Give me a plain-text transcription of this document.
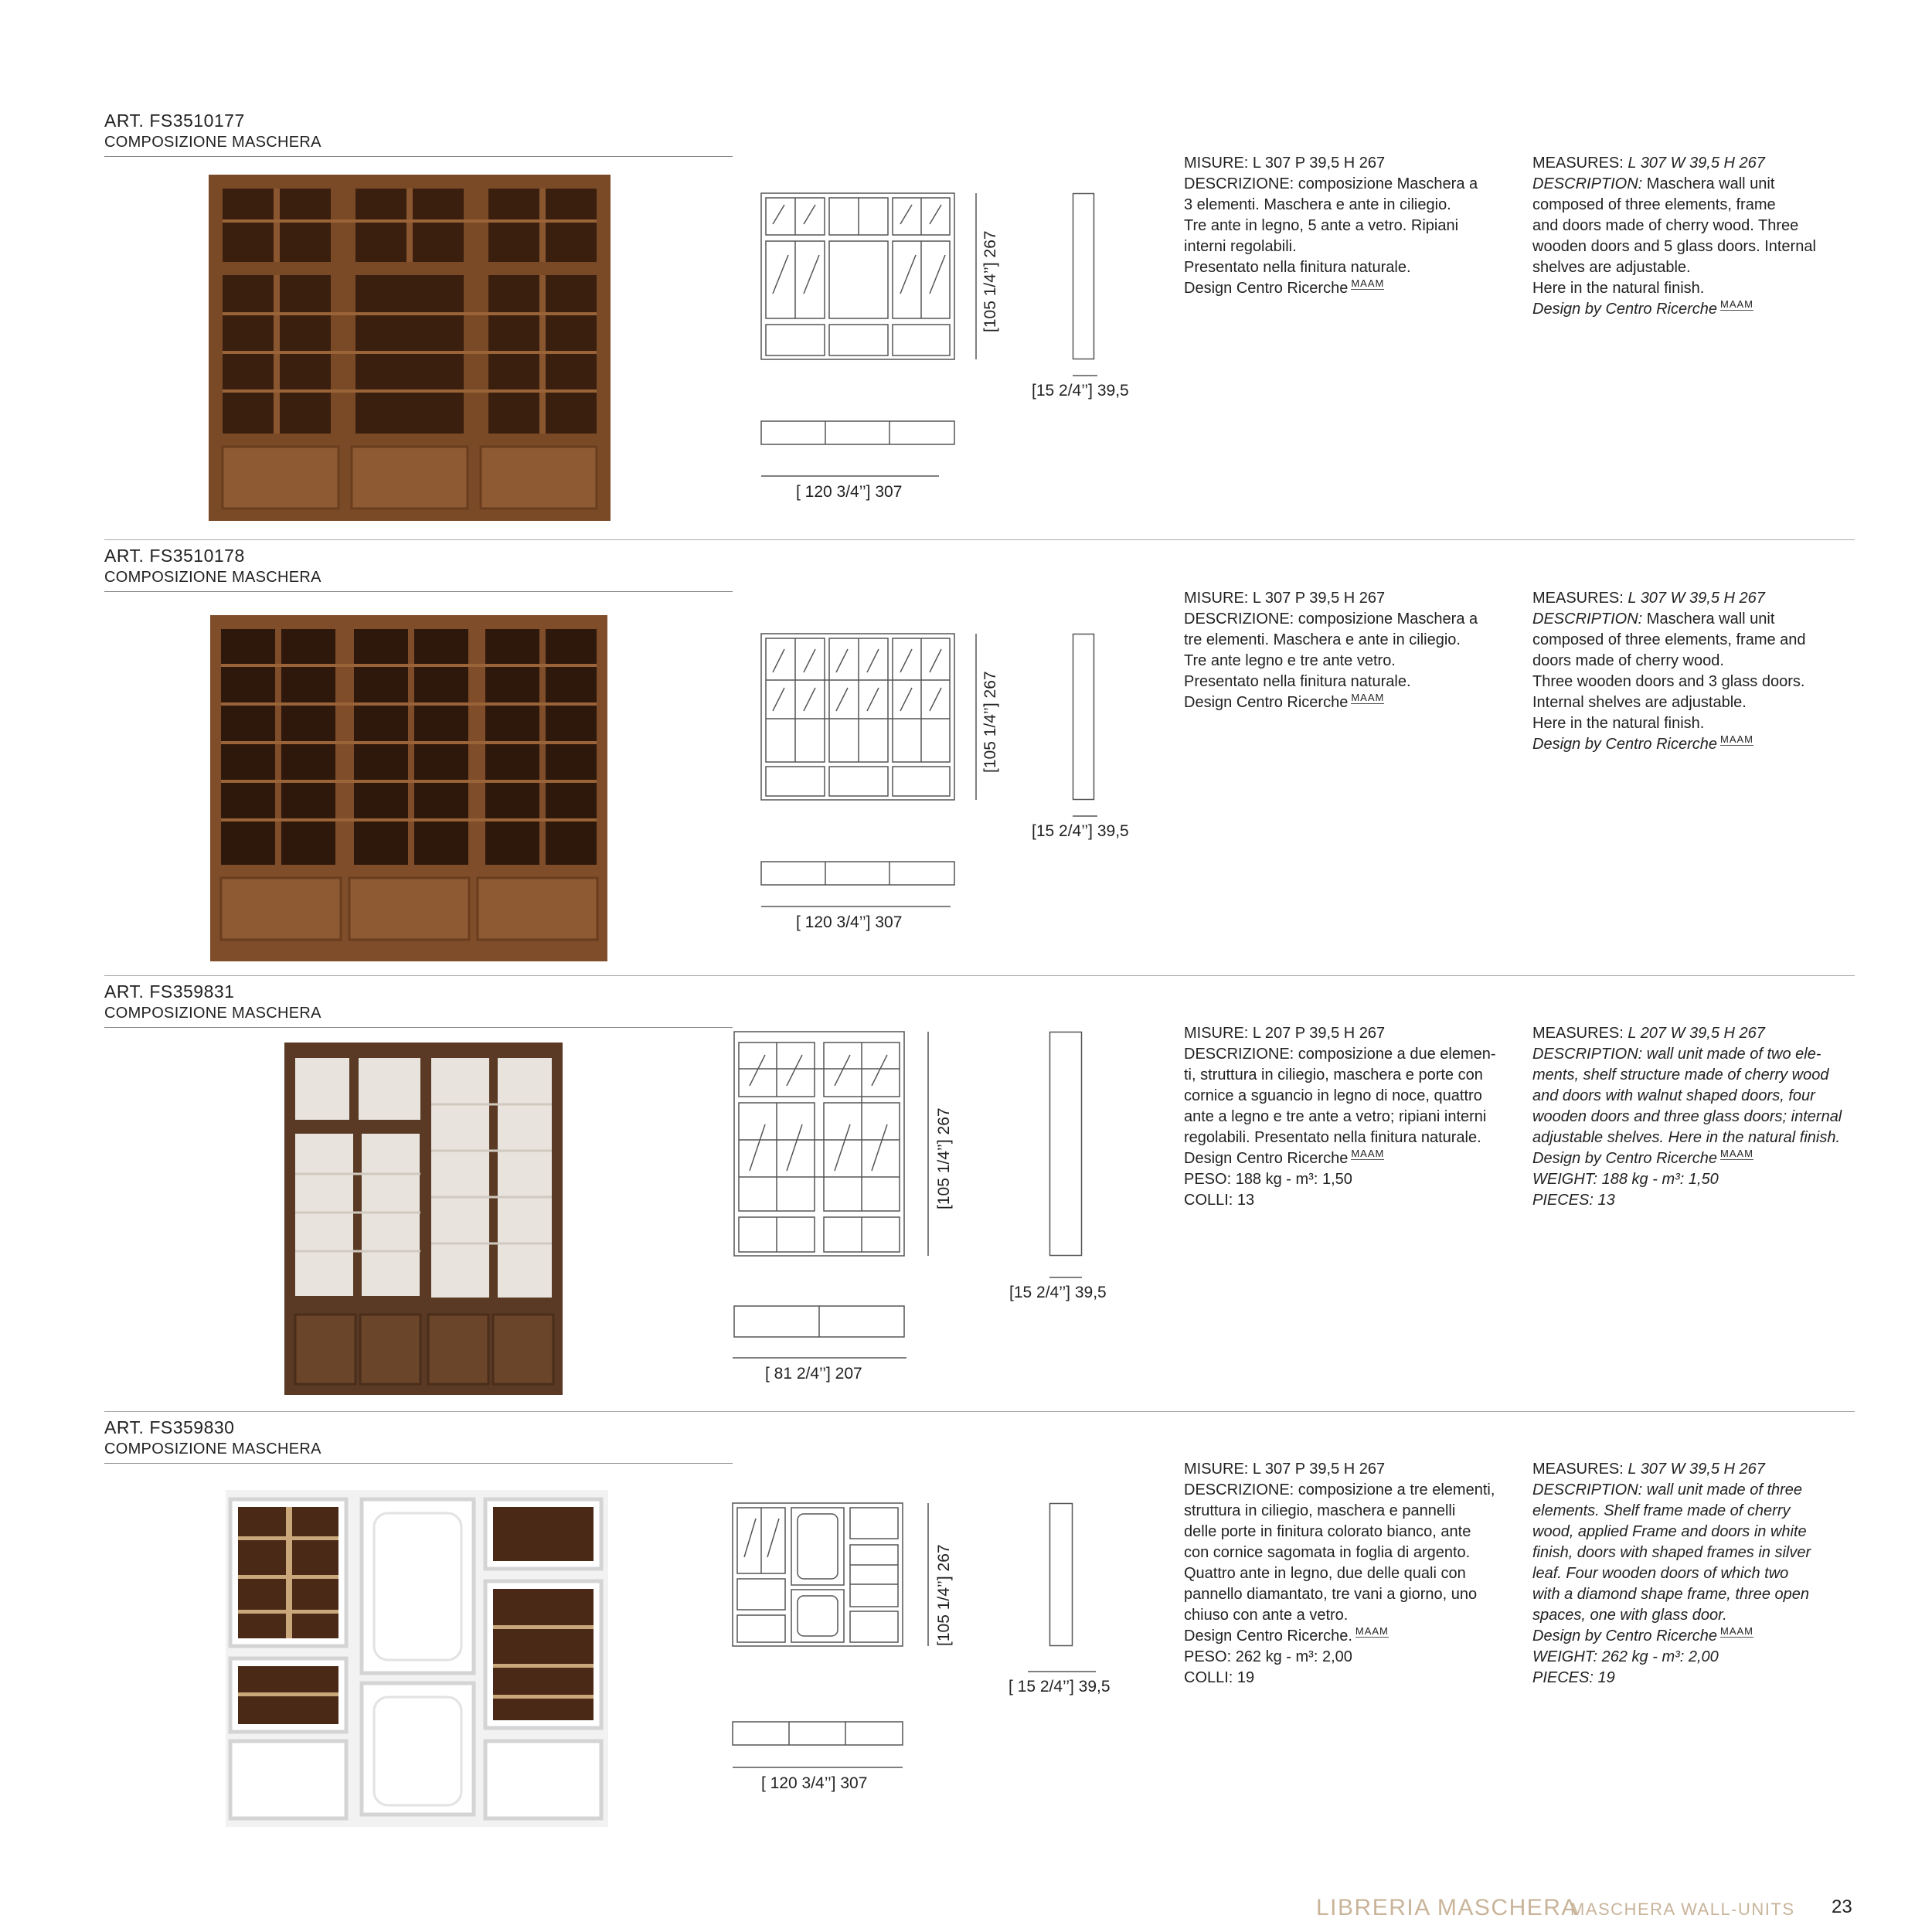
ART. FS3510177
COMPOSIZIONE MASCHERA
[105 1/4’’] 267
[15 2/4’’] 39,5
[ 120 3/4’’] 307
MISURE: L 307 P 39,5 H 267
DESCRIZIONE: composizione Maschera a
3 elementi. Maschera e ante in ciliegio.
Tre ante in legno, 5 ante a vetro. Ripiani
interni regolabili.
Presentato nella finitura naturale.
Design Centro Ricerche MAAM
MEASURES: L 307 W 39,5 H 267
DESCRIPTION: Maschera wall unit
composed of three elements, frame
and doors made of cherry wood. Three
wooden doors and 5 glass doors. Internal
shelves are adjustable.
Here in the natural finish.
Design by Centro Ricerche MAAM
ART. FS3510178
COMPOSIZIONE MASCHERA
[105 1/4’’] 267
[15 2/4’’] 39,5
[ 120 3/4’’] 307
MISURE: L 307 P 39,5 H 267
DESCRIZIONE: composizione Maschera a
tre elementi. Maschera e ante in ciliegio.
Tre ante legno e tre ante vetro.
Presentato nella finitura naturale.
Design Centro Ricerche MAAM
MEASURES: L 307 W 39,5 H 267
DESCRIPTION: Maschera wall unit
composed of three elements, frame and
doors made of cherry wood.
Three wooden doors and 3 glass doors.
Internal shelves are adjustable.
Here in the natural finish.
Design by Centro Ricerche MAAM
ART. FS359831
COMPOSIZIONE MASCHERA
[105 1/4’’] 267
[15 2/4’’] 39,5
[ 81 2/4’’] 207
MISURE: L 207 P 39,5 H 267
DESCRIZIONE: composizione a due elemen-
ti, struttura in ciliegio, maschera e porte con
cornice a sguancio in legno di noce, quattro
ante a legno e tre ante a vetro; ripiani interni
regolabili. Presentato nella finitura naturale.
Design Centro Ricerche MAAM
PESO: 188 kg - m³: 1,50
COLLI: 13
MEASURES: L 207 W 39,5 H 267
DESCRIPTION: wall unit made of two ele-
ments, shelf structure made of cherry wood
and doors with walnut shaped doors, four
wooden doors and three glass doors; internal
adjustable shelves. Here in the natural finish.
Design by Centro Ricerche MAAM
WEIGHT: 188 kg - m³: 1,50
PIECES: 13
ART. FS359830
COMPOSIZIONE MASCHERA
[105 1/4’’] 267
[ 15 2/4’’] 39,5
[ 120 3/4’’] 307
MISURE: L 307 P 39,5 H 267
DESCRIZIONE: composizione a tre elementi,
struttura in ciliegio, maschera e pannelli
delle porte in finitura colorato bianco, ante
con cornice sagomata in foglia di argento.
Quattro ante in legno, due delle quali con
pannello diamantato, tre vani a giorno, uno
chiuso con ante a vetro.
Design Centro Ricerche. MAAM
PESO: 262 kg - m³: 2,00
COLLI: 19
MEASURES: L 307 W 39,5 H 267
DESCRIPTION: wall unit made of three
elements. Shelf frame made of cherry
wood, applied Frame and doors in white
finish, doors with shaped frames in silver
leaf. Four wooden doors of which two
with a diamond shape frame, three open
spaces, one with glass door.
Design by Centro Ricerche MAAM
WEIGHT: 262 kg - m³: 2,00
PIECES: 19
LIBRERIA MASCHERA
MASCHERA WALL-UNITS 23
